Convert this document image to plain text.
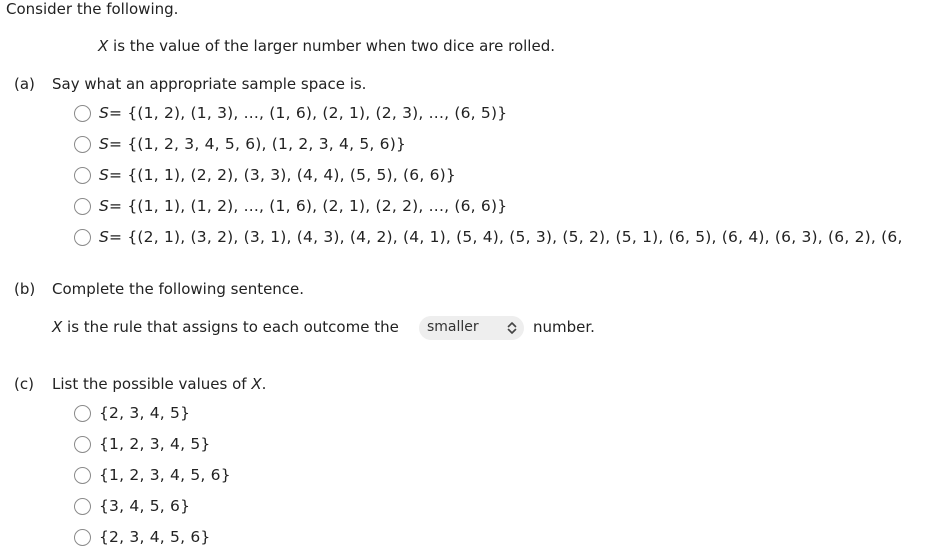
Consider the following.
X is the value of the larger number when two dice are rolled.
(a) Say what an appropriate sample space is.
S = {(1, 2), (1, 3), ..., (1, 6), (2, 1), (2, 3), ..., (6, 5)}
S = {(1, 2, 3, 4, 5, 6), (1, 2, 3, 4, 5, 6)}
S = {(1, 1), (2, 2), (3, 3), (4, 4), (5, 5), (6, 6)}
S = {(1, 1), (1, 2), ..., (1, 6), (2, 1), (2, 2), ..., (6, 6)}
S = {(2, 1), (3, 2), (3, 1), (4, 3), (4, 2), (4, 1), (5, 4), (5, 3), (5, 2), (5, 1), (6, 5), (6, 4), (6, 3), (6, 2), (6,
(b) Complete the following sentence.
X is the rule that assigns to each outcome the smaller	number.
(c) List the possible values of X.
{2, 3, 4, 5}
{1, 2, 3, 4, 5}
{1, 2, 3, 4, 5, 6}
{3, 4, 5, 6}
{2, 3, 4, 5, 6}
